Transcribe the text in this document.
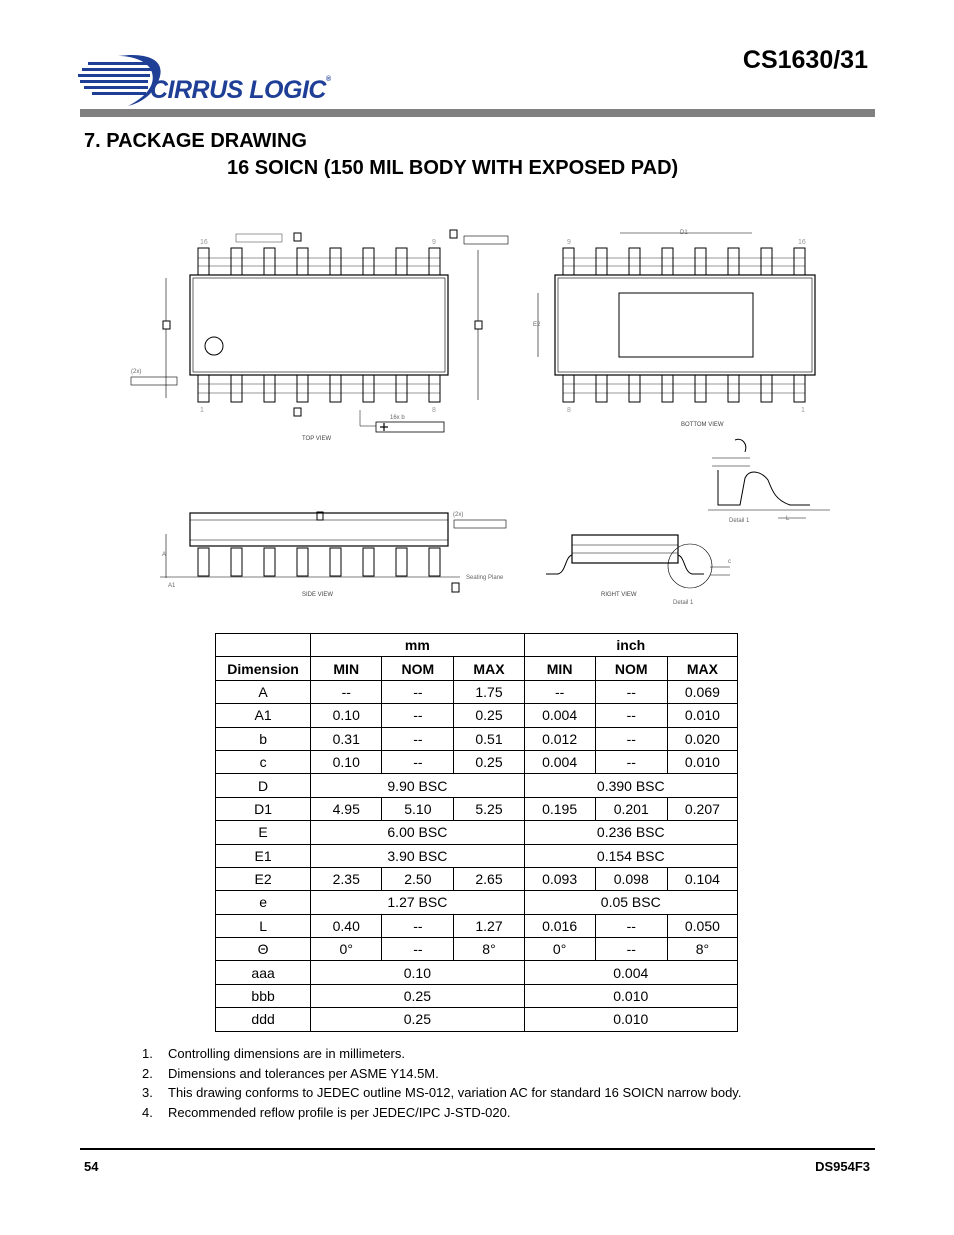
CIRRUS LOGIC®
CS1630/31
7. PACKAGE DRAWING
16 SOICN (150 MIL BODY WITH EXPOSED PAD)
16	9
1	8
(2x)
16x b
TOP VIEW
D1
E2
9	16
8	1
BOTTOM VIEW
Detail 1	L
(2x)
A
A1
Seating Plane
SIDE VIEW
c
Detail 1
RIGHT VIEW
	mm			inch		
Dimension	MIN	NOM	MAX	MIN	NOM	MAX
A	--	--	1.75	--	--	0.069
A1	0.10	--	0.25	0.004	--	0.010
b	0.31	--	0.51	0.012	--	0.020
c	0.10	--	0.25	0.004	--	0.010
D	9.90 BSC			0.390 BSC		
D1	4.95	5.10	5.25	0.195	0.201	0.207
E	6.00 BSC			0.236 BSC		
E1	3.90 BSC			0.154 BSC		
E2	2.35	2.50	2.65	0.093	0.098	0.104
e	1.27 BSC			0.05 BSC		
L	0.40	--	1.27	0.016	--	0.050
Θ	0°	--	8°	0°	--	8°
aaa	0.10			0.004		
bbb	0.25			0.010		
ddd	0.25			0.010		
1.	Controlling dimensions are in millimeters.
2.	Dimensions and tolerances per ASME Y14.5M.
3.	This drawing conforms to JEDEC outline MS-012, variation AC for standard 16 SOICN narrow body.
4.	Recommended reflow profile is per JEDEC/IPC J-STD-020.
54	DS954F3
